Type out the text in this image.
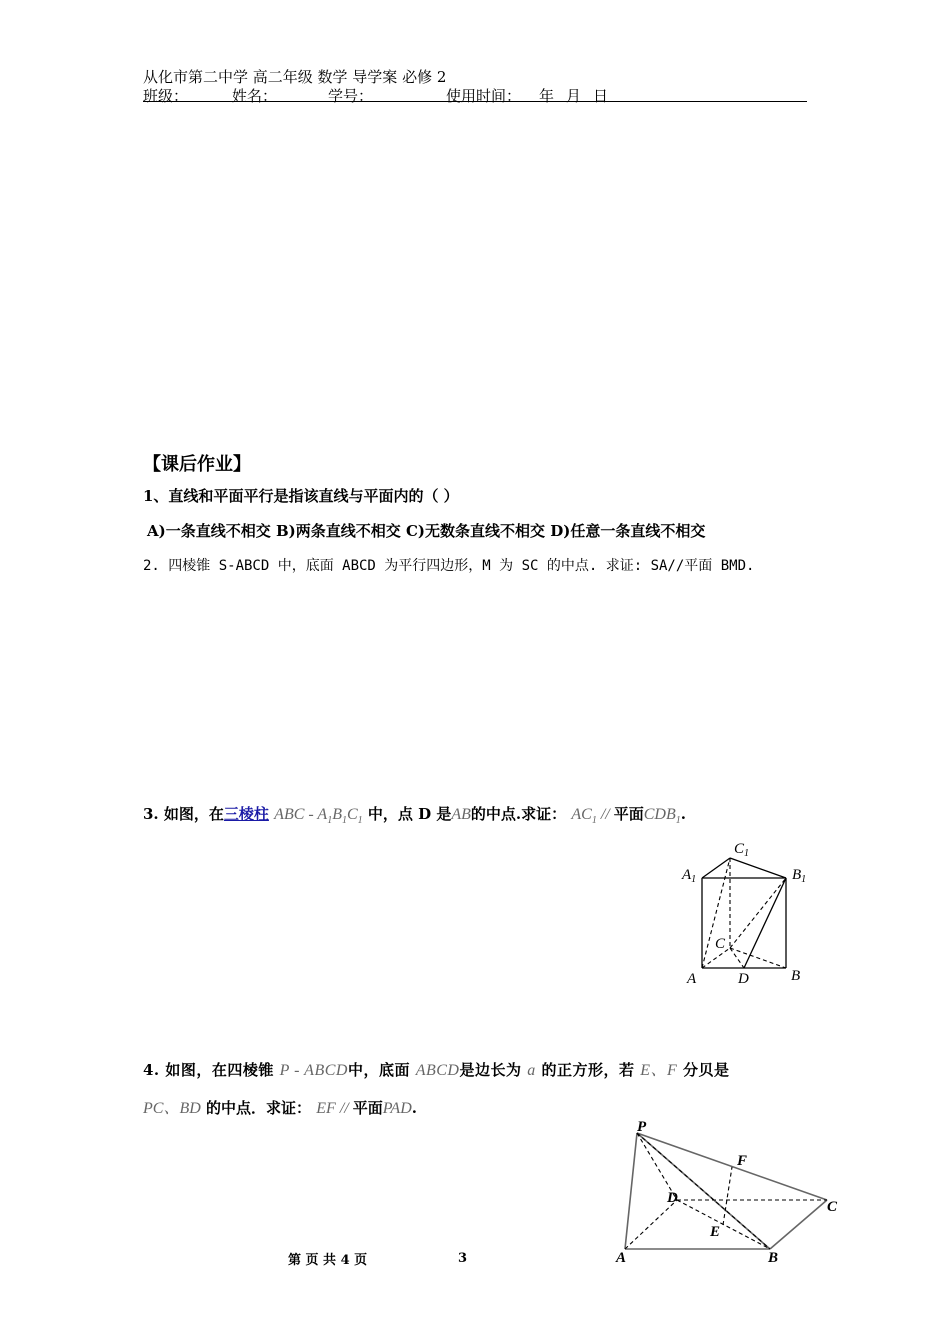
从化市第二中学 高二年级 数学 导学案 必修 2
班级：	姓名：	学号：	使用时间： 年 月 日
【课后作业】
1、直线和平面平行是指该直线与平面内的（ ）
A)一条直线不相交 B)两条直线不相交 C)无数条直线不相交 D)任意一条直线不相交
2. 四棱锥 S-ABCD 中，底面 ABCD 为平行四边形，M 为 SC 的中点. 求证: SA//平面 BMD.
3. 如图，在三棱柱 ABC - $A_1B_1C_1$ 中，点 D 是AB的中点.求证： $AC_1$ // 平面$CDB_1$.
$C_1$
$A_1$	$B_1$
C
A	D	B
4. 如图，在四棱锥 P - ABCD中，底面 ABCD是边长为 a 的正方形，若 E、F 分贝是
PC、BD 的中点．求证： EF // 平面PAD.
P
A	B
C
D
E
F
第 页 共 4 页	3
